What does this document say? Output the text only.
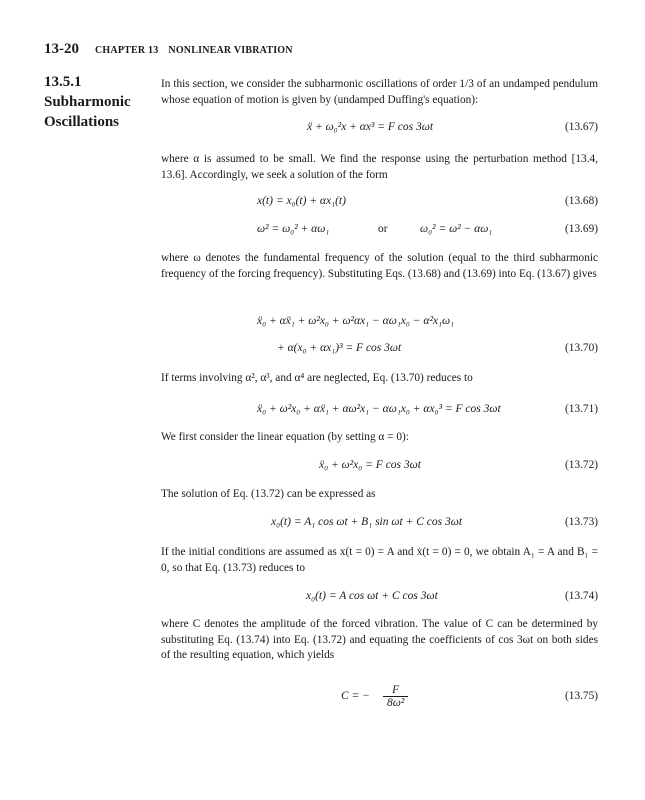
13-20 CHAPTER 13 NONLINEAR VIBRATION
13.5.1
Subharmonic
Oscillations

In this section, we consider the subharmonic oscillations of order 1/3 of an undamped pendulum whose equation of motion is given by (undamped Duffing's equation):

ẍ + ω₀²x + αx³ = F cos 3ωt	(13.67)

where α is assumed to be small. We find the response using the perturbation method [13.4, 13.6]. Accordingly, we seek a solution of the form

x(t) = x₀(t) + αx₁(t)	(13.68)
ω² = ω₀² + αω₁	or	ω₀² = ω² − αω₁	(13.69)

where ω denotes the fundamental frequency of the solution (equal to the third subharmonic frequency of the forcing frequency). Substituting Eqs. (13.68) and (13.69) into Eq. (13.67) gives

ẍ₀ + αẍ₁ + ω²x₀ + ω²αx₁ − αω₁x₀ − α²x₁ω₁
+ α(x₀ + αx₁)³ = F cos 3ωt	(13.70)

If terms involving α², α³, and α⁴ are neglected, Eq. (13.70) reduces to

ẍ₀ + ω²x₀ + αẍ₁ + αω²x₁ − αω₁x₀ + αx₀³ = F cos 3ωt	(13.71)

We first consider the linear equation (by setting α = 0):

ẍ₀ + ω²x₀ = F cos 3ωt	(13.72)

The solution of Eq. (13.72) can be expressed as

x₀(t) = A₁ cos ωt + B₁ sin ωt + C cos 3ωt	(13.73)

If the initial conditions are assumed as x(t = 0) = A and ẋ(t = 0) = 0, we obtain A₁ = A and B₁ = 0, so that Eq. (13.73) reduces to

x₀(t) = A cos ωt + C cos 3ωt	(13.74)

where C denotes the amplitude of the forced vibration. The value of C can be determined by substituting Eq. (13.74) into Eq. (13.72) and equating the coefficients of cos 3ωt on both sides of the resulting equation, which yields

C = − $\frac{F}{\text{8ω²}}$	(13.75)
